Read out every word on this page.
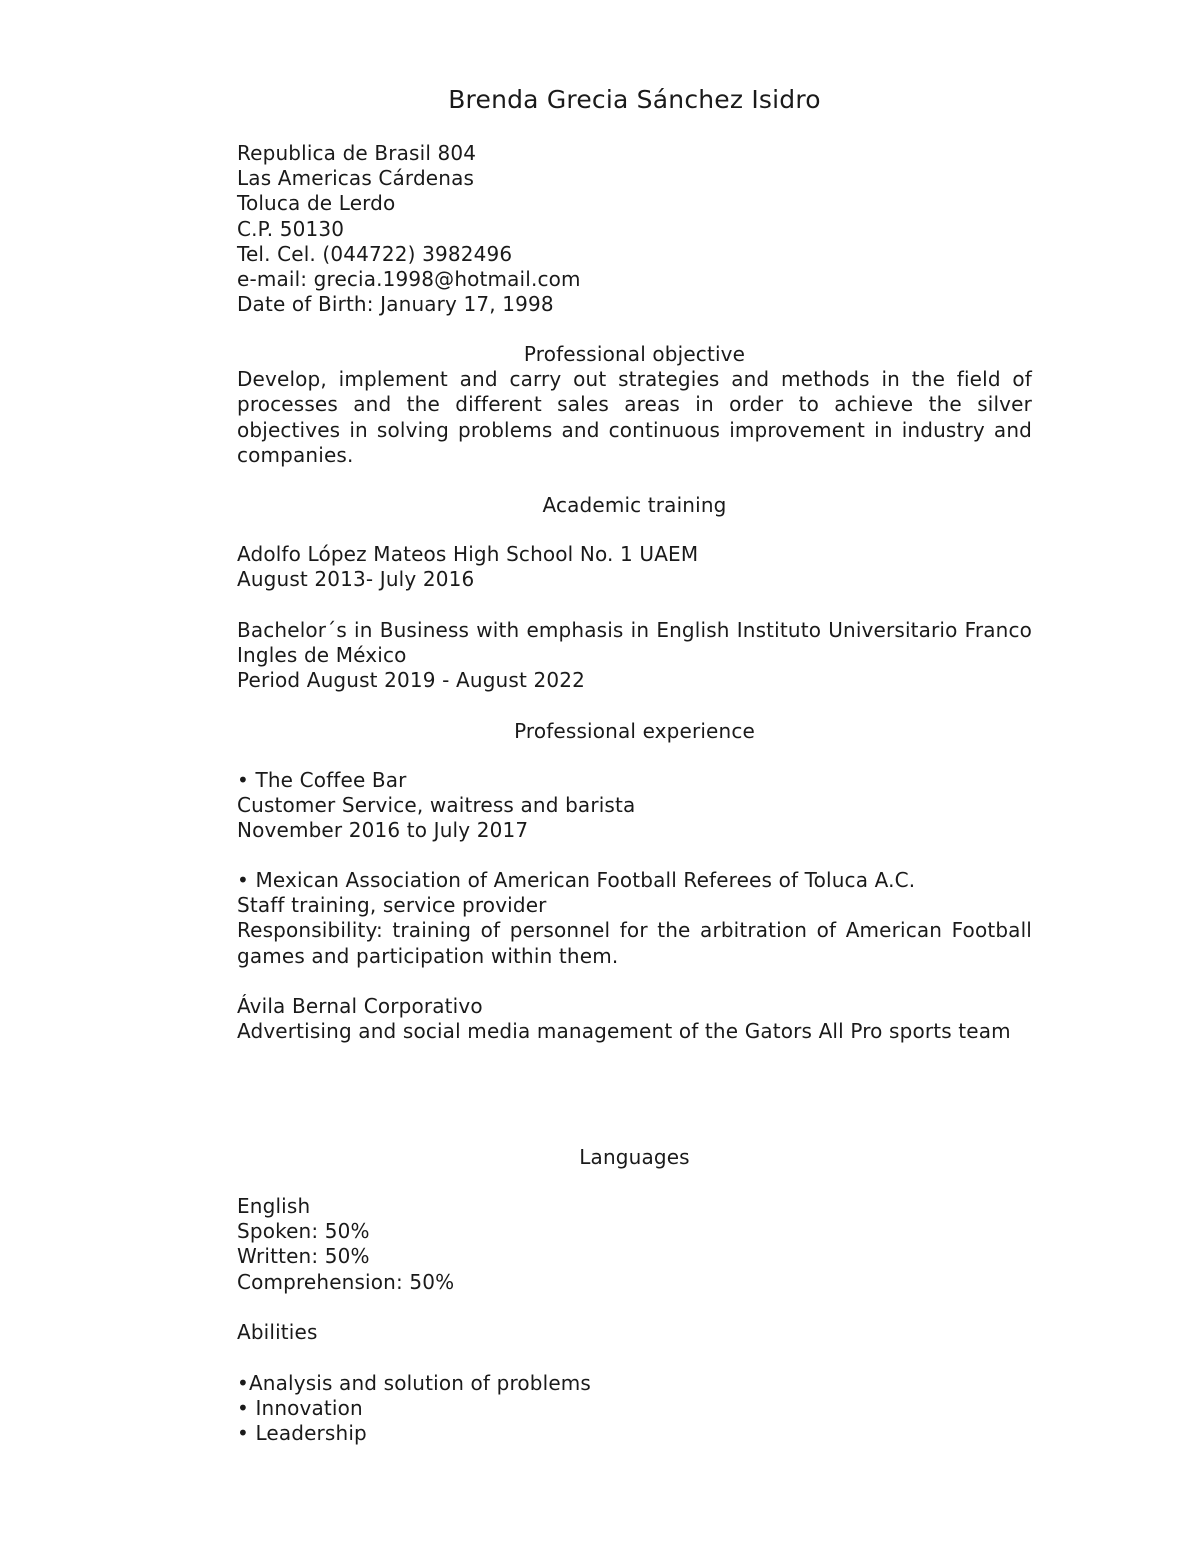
Brenda Grecia Sánchez Isidro
Republica de Brasil 804
Las Americas Cárdenas
Toluca de Lerdo
C.P. 50130
Tel. Cel. (044722) 3982496
e-mail: grecia.1998@hotmail.com
Date of Birth: January 17, 1998
Professional objective
Develop, implement and carry out strategies and methods in the field of processes and the different sales areas in order to achieve the silver objectives in solving problems and continuous improvement in industry and companies.
Academic training
Adolfo López Mateos High School No. 1 UAEM
August 2013- July 2016
Bachelor´s in Business with emphasis in English Instituto Universitario Franco Ingles de México
Period August 2019 - August 2022
Professional experience
• The Coffee Bar
Customer Service, waitress and barista
November 2016 to July 2017
• Mexican Association of American Football Referees of Toluca A.C.
Staff training, service provider
Responsibility: training of personnel for the arbitration of American Football games and participation within them.
Ávila Bernal Corporativo
Advertising and social media management of the Gators All Pro sports team
Languages
English
Spoken: 50%
Written: 50%
Comprehension: 50%
Abilities
•Analysis and solution of problems
• Innovation
• Leadership
